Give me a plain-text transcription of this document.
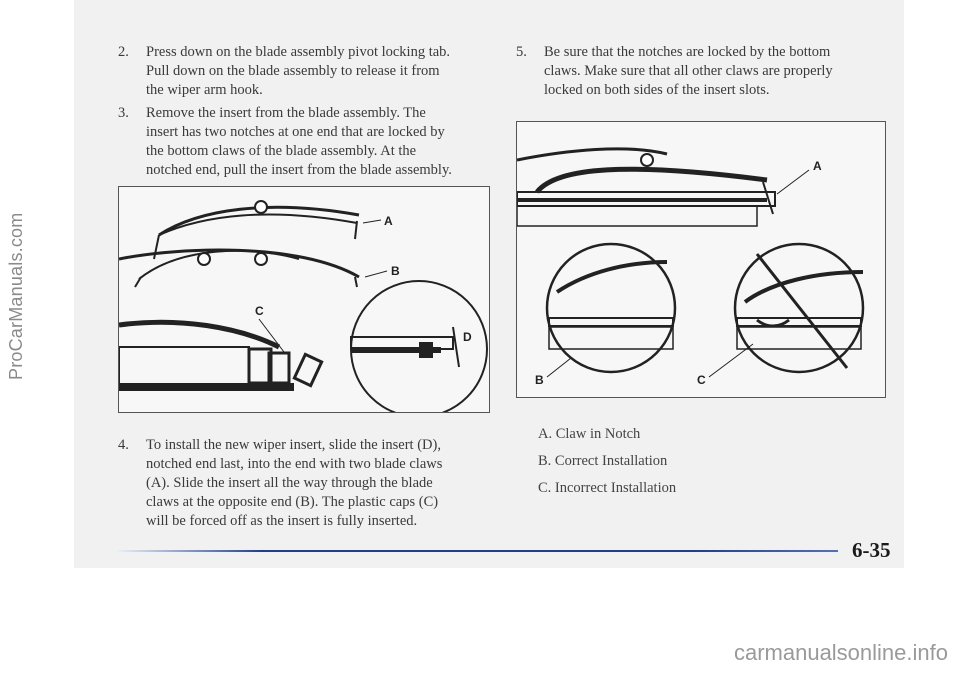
ProCarManuals.com
2. Press down on the blade assembly pivot locking tab.
Pull down on the blade assembly to release it from
the wiper arm hook.
3. Remove the insert from the blade assembly. The
insert has two notches at one end that are locked by
the bottom claws of the blade assembly. At the
notched end, pull the insert from the blade assembly.
A
B
C
D
4. To install the new wiper insert, slide the insert (D),
notched end last, into the end with two blade claws
(A). Slide the insert all the way through the blade
claws at the opposite end (B). The plastic caps (C)
will be forced off as the insert is fully inserted.
5. Be sure that the notches are locked by the bottom
claws. Make sure that all other claws are properly
locked on both sides of the insert slots.
A
B	C
A. Claw in Notch
B. Correct Installation
C. Incorrect Installation
6-35
carmanualsonline.info
